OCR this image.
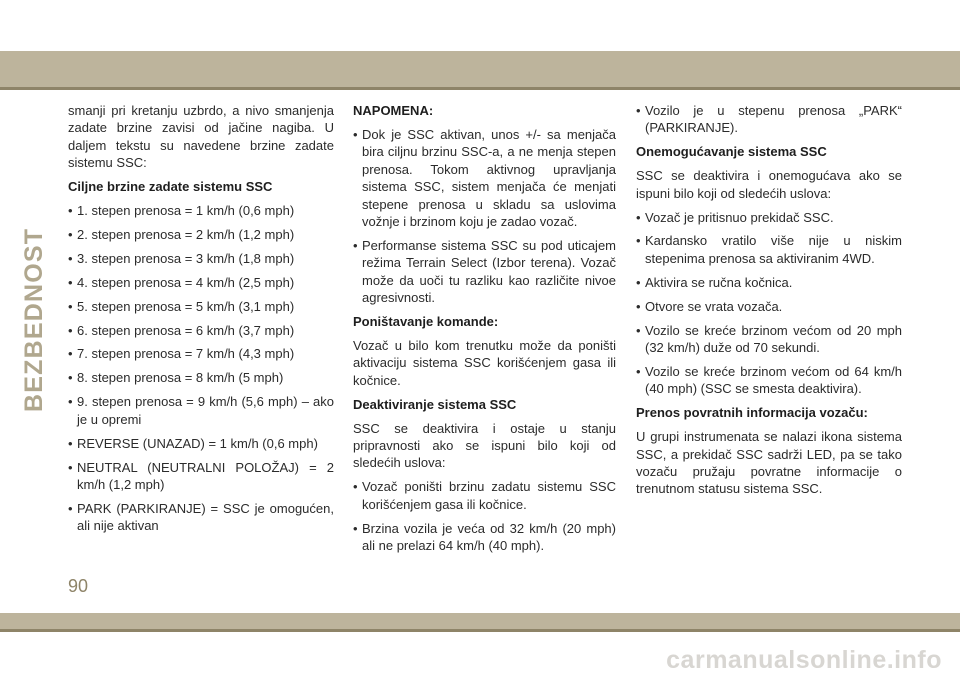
BEZBEDNOST

smanji pri kretanju uzbrdo, a nivo smanjenja zadate brzine zavisi od jačine nagiba. U daljem tekstu su navedene brzine zadate sistemu SSC:

Ciljne brzine zadate sistemu SSC

• 1. stepen prenosa = 1 km/h (0,6 mph)

• 2. stepen prenosa = 2 km/h (1,2 mph)

• 3. stepen prenosa = 3 km/h (1,8 mph)

• 4. stepen prenosa = 4 km/h (2,5 mph)

• 5. stepen prenosa = 5 km/h (3,1 mph)

• 6. stepen prenosa = 6 km/h (3,7 mph)

• 7. stepen prenosa = 7 km/h (4,3 mph)

• 8. stepen prenosa = 8 km/h (5 mph)

• 9. stepen prenosa = 9 km/h (5,6 mph) – ako je u opremi

• REVERSE (UNAZAD) = 1 km/h (0,6 mph)

• NEUTRAL (NEUTRALNI POLOŽAJ) = 2 km/h (1,2 mph)

• PARK (PARKIRANJE) = SSC je omogućen, ali nije aktivan

NAPOMENA:

• Dok je SSC aktivan, unos +/- sa menjača bira ciljnu brzinu SSC-a, a ne menja stepen prenosa. Tokom aktivnog upravljanja sistema SSC, sistem menjača će menjati stepene prenosa u skladu sa uslovima vožnje i brzinom koju je zadao vozač.

• Performanse sistema SSC su pod uticajem režima Terrain Select (Izbor terena). Vozač može da uoči tu razliku kao različite nivoe agresivnosti.

Poništavanje komande:

Vozač u bilo kom trenutku može da poništi aktivaciju sistema SSC korišćenjem gasa ili kočnice.

Deaktiviranje sistema SSC

SSC se deaktivira i ostaje u stanju pripravnosti ako se ispuni bilo koji od sledećih uslova:

• Vozač poništi brzinu zadatu sistemu SSC korišćenjem gasa ili kočnice.

• Brzina vozila je veća od 32 km/h (20 mph) ali ne prelazi 64 km/h (40 mph).

• Vozilo je u stepenu prenosa „PARK“ (PARKIRANJE).

Onemogućavanje sistema SSC

SSC se deaktivira i onemogućava ako se ispuni bilo koji od sledećih uslova:

• Vozač je pritisnuo prekidač SSC.

• Kardansko vratilo više nije u niskim stepenima prenosa sa aktiviranim 4WD.

• Aktivira se ručna kočnica.

• Otvore se vrata vozača.

• Vozilo se kreće brzinom većom od 20 mph (32 km/h) duže od 70 sekundi.

• Vozilo se kreće brzinom većom od 64 km/h (40 mph) (SSC se smesta deaktivira).

Prenos povratnih informacija vozaču:

U grupi instrumenata se nalazi ikona sistema SSC, a prekidač SSC sadrži LED, pa se tako vozaču pružaju povratne informacije o trenutnom statusu sistema SSC.

90
carmanualsonline.info
